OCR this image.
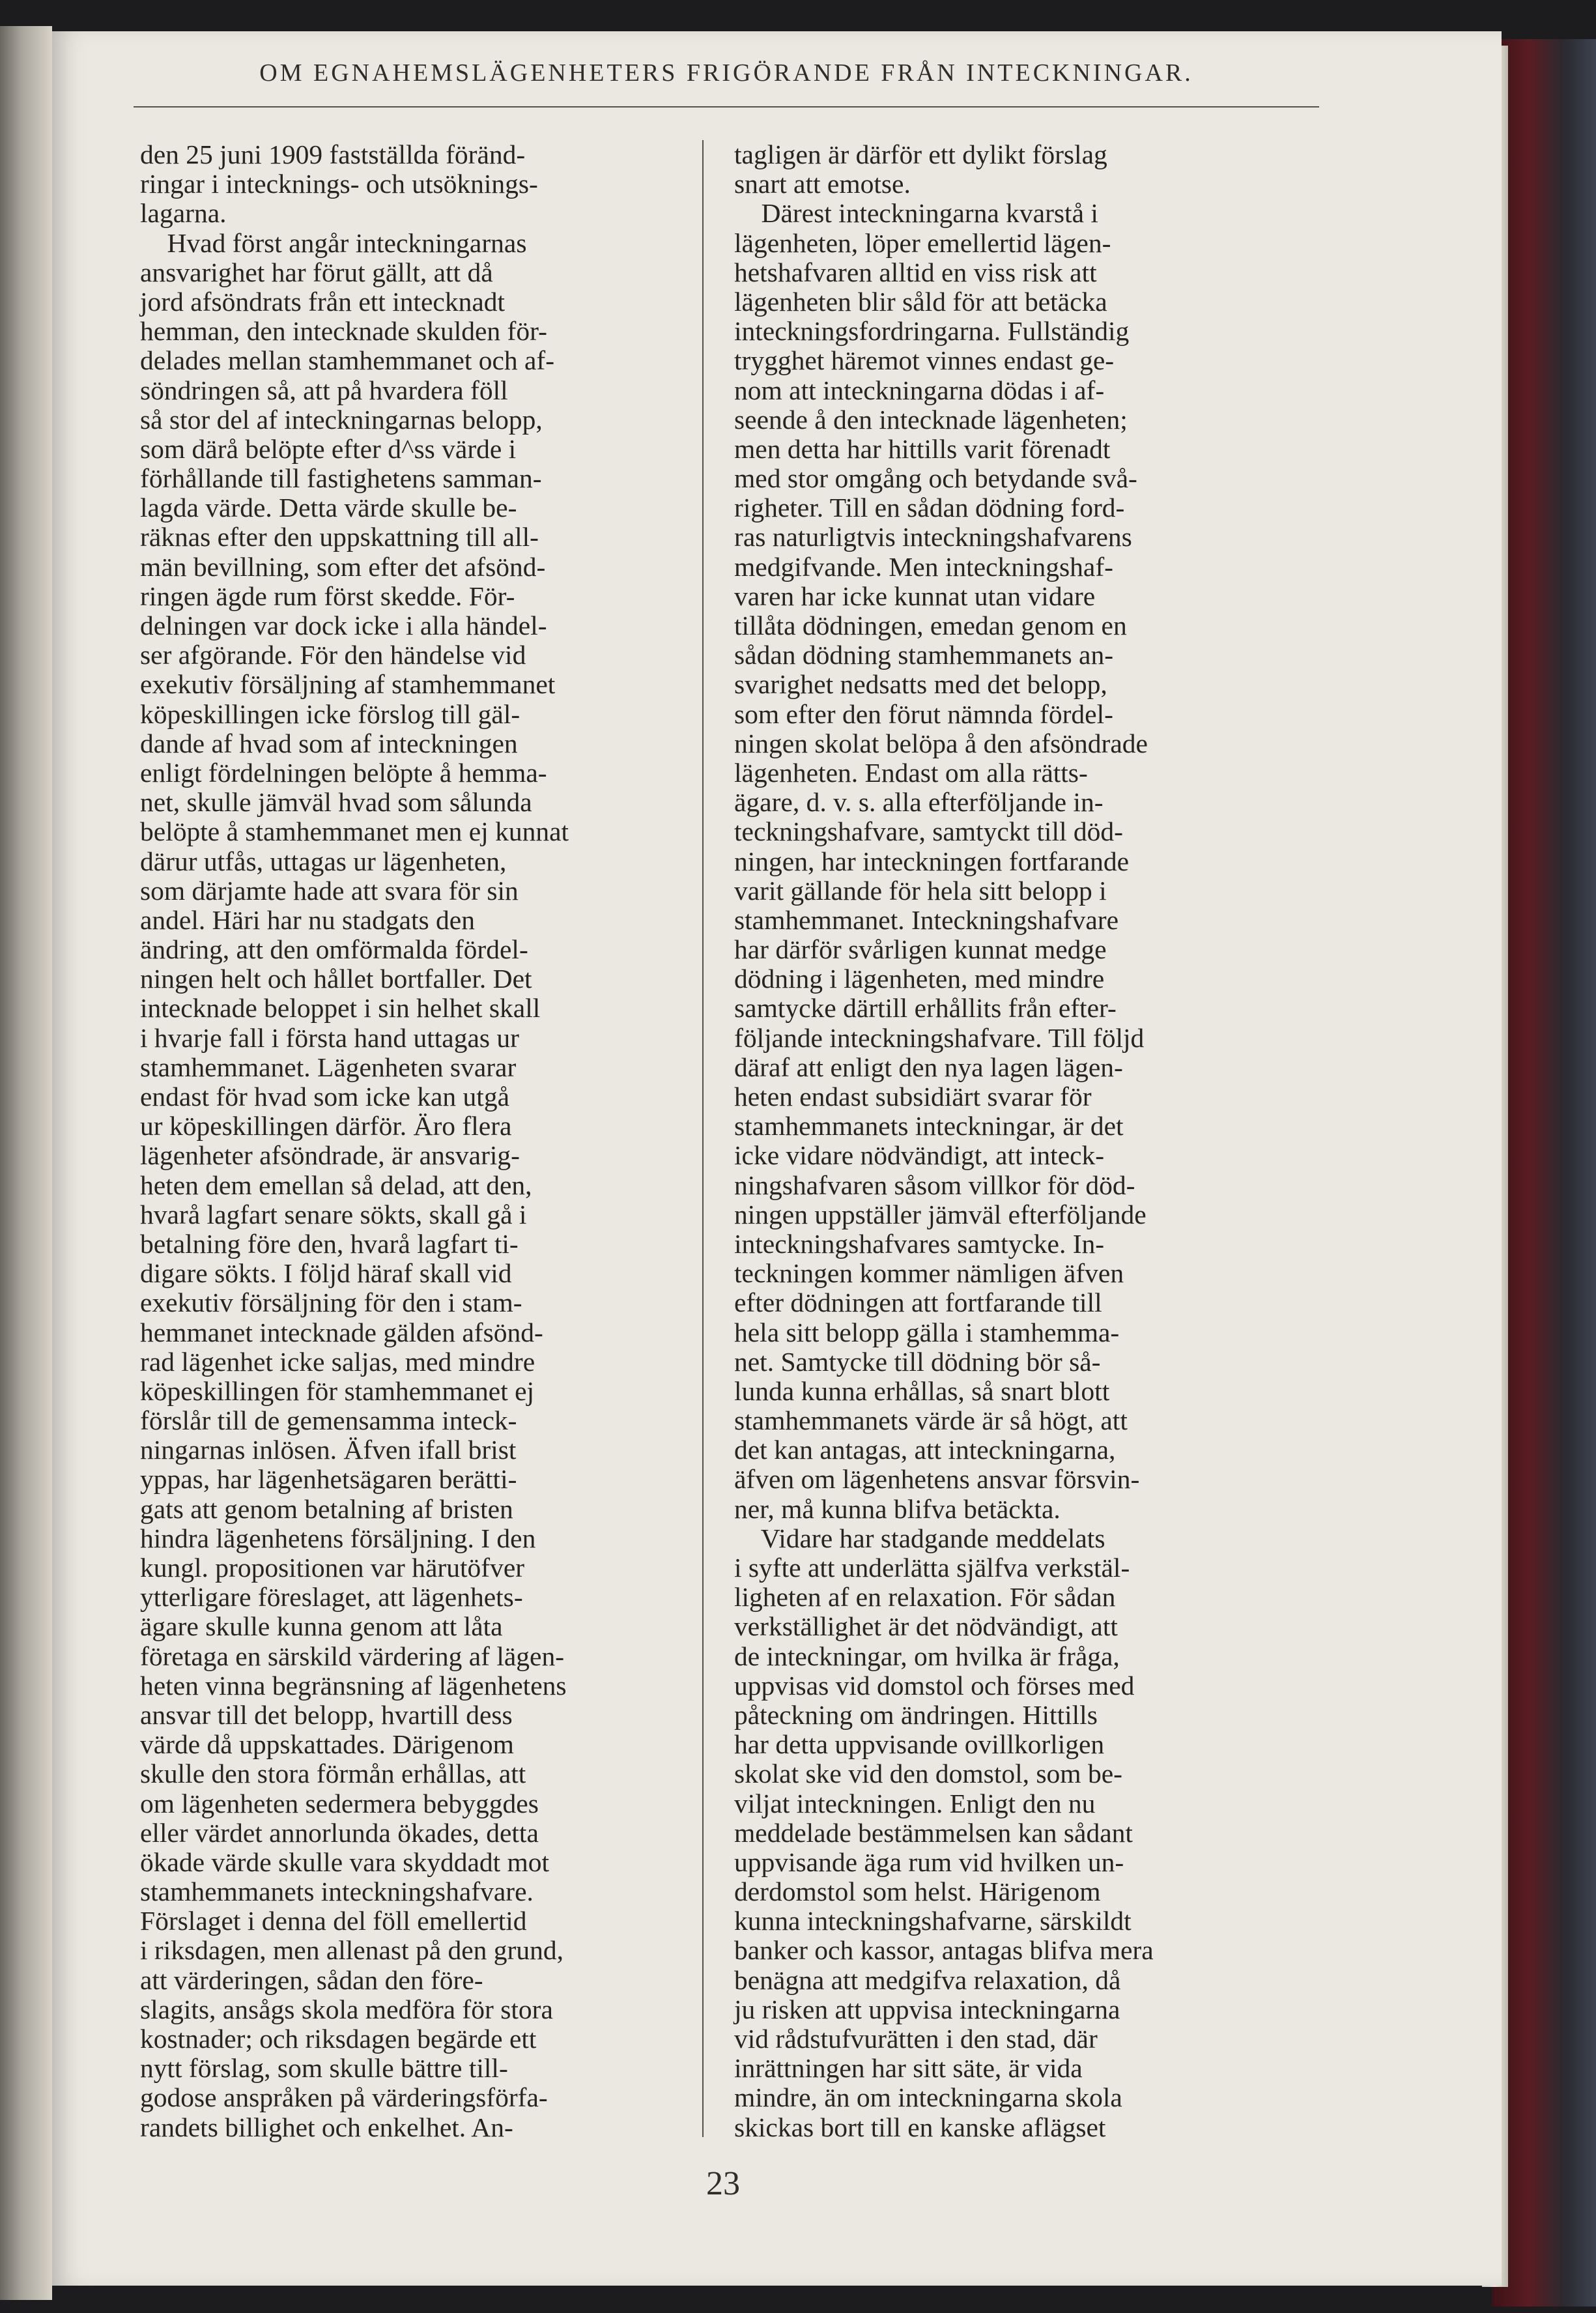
OM EGNAHEMSLÄGENHETERS FRIGÖRANDE FRÅN INTECKNINGAR.
den 25 juni 1909 fastställda föränd-
ringar i intecknings- och utsöknings-
lagarna.
Hvad först angår inteckningarnas
ansvarighet har förut gällt, att då
jord afsöndrats från ett intecknadt
hemman, den intecknade skulden för-
delades mellan stamhemmanet och af-
söndringen så, att på hvardera föll
så stor del af inteckningarnas belopp,
som därå belöpte efter d^ss värde i
förhållande till fastighetens samman-
lagda värde. Detta värde skulle be-
räknas efter den uppskattning till all-
män bevillning, som efter det afsönd-
ringen ägde rum först skedde. För-
delningen var dock icke i alla händel-
ser afgörande. För den händelse vid
exekutiv försäljning af stamhemmanet
köpeskillingen icke förslog till gäl-
dande af hvad som af inteckningen
enligt fördelningen belöpte å hemma-
net, skulle jämväl hvad som sålunda
belöpte å stamhemmanet men ej kunnat
därur utfås, uttagas ur lägenheten,
som därjamte hade att svara för sin
andel. Häri har nu stadgats den
ändring, att den omförmalda fördel-
ningen helt och hållet bortfaller. Det
intecknade beloppet i sin helhet skall
i hvarje fall i första hand uttagas ur
stamhemmanet. Lägenheten svarar
endast för hvad som icke kan utgå
ur köpeskillingen därför. Äro flera
lägenheter afsöndrade, är ansvarig-
heten dem emellan så delad, att den,
hvarå lagfart senare sökts, skall gå i
betalning före den, hvarå lagfart ti-
digare sökts. I följd häraf skall vid
exekutiv försäljning för den i stam-
hemmanet intecknade gälden afsönd-
rad lägenhet icke saljas, med mindre
köpeskillingen för stamhemmanet ej
förslår till de gemensamma inteck-
ningarnas inlösen. Äfven ifall brist
yppas, har lägenhetsägaren berätti-
gats att genom betalning af bristen
hindra lägenhetens försäljning. I den
kungl. propositionen var härutöfver
ytterligare föreslaget, att lägenhets-
ägare skulle kunna genom att låta
företaga en särskild värdering af lägen-
heten vinna begränsning af lägenhetens
ansvar till det belopp, hvartill dess
värde då uppskattades. Därigenom
skulle den stora förmån erhållas, att
om lägenheten sedermera bebyggdes
eller värdet annorlunda ökades, detta
ökade värde skulle vara skyddadt mot
stamhemmanets inteckningshafvare.
Förslaget i denna del föll emellertid
i riksdagen, men allenast på den grund,
att värderingen, sådan den före-
slagits, ansågs skola medföra för stora
kostnader; och riksdagen begärde ett
nytt förslag, som skulle bättre till-
godose anspråken på värderingsförfa-
randets billighet och enkelhet. An-
tagligen är därför ett dylikt förslag
snart att emotse.
Därest inteckningarna kvarstå i
lägenheten, löper emellertid lägen-
hetshafvaren alltid en viss risk att
lägenheten blir såld för att betäcka
inteckningsfordringarna. Fullständig
trygghet häremot vinnes endast ge-
nom att inteckningarna dödas i af-
seende å den intecknade lägenheten;
men detta har hittills varit förenadt
med stor omgång och betydande svå-
righeter. Till en sådan dödning ford-
ras naturligtvis inteckningshafvarens
medgifvande. Men inteckningshaf-
varen har icke kunnat utan vidare
tillåta dödningen, emedan genom en
sådan dödning stamhemmanets an-
svarighet nedsatts med det belopp,
som efter den förut nämnda fördel-
ningen skolat belöpa å den afsöndrade
lägenheten. Endast om alla rätts-
ägare, d. v. s. alla efterföljande in-
teckningshafvare, samtyckt till död-
ningen, har inteckningen fortfarande
varit gällande för hela sitt belopp i
stamhemmanet. Inteckningshafvare
har därför svårligen kunnat medge
dödning i lägenheten, med mindre
samtycke därtill erhållits från efter-
följande inteckningshafvare. Till följd
däraf att enligt den nya lagen lägen-
heten endast subsidiärt svarar för
stamhemmanets inteckningar, är det
icke vidare nödvändigt, att inteck-
ningshafvaren såsom villkor för död-
ningen uppställer jämväl efterföljande
inteckningshafvares samtycke. In-
teckningen kommer nämligen äfven
efter dödningen att fortfarande till
hela sitt belopp gälla i stamhemma-
net. Samtycke till dödning bör så-
lunda kunna erhållas, så snart blott
stamhemmanets värde är så högt, att
det kan antagas, att inteckningarna,
äfven om lägenhetens ansvar försvin-
ner, må kunna blifva betäckta.
Vidare har stadgande meddelats
i syfte att underlätta själfva verkstäl-
ligheten af en relaxation. För sådan
verkställighet är det nödvändigt, att
de inteckningar, om hvilka är fråga,
uppvisas vid domstol och förses med
påteckning om ändringen. Hittills
har detta uppvisande ovillkorligen
skolat ske vid den domstol, som be-
viljat inteckningen. Enligt den nu
meddelade bestämmelsen kan sådant
uppvisande äga rum vid hvilken un-
derdomstol som helst. Härigenom
kunna inteckningshafvarne, särskildt
banker och kassor, antagas blifva mera
benägna att medgifva relaxation, då
ju risken att uppvisa inteckningarna
vid rådstufvurätten i den stad, där
inrättningen har sitt säte, är vida
mindre, än om inteckningarna skola
skickas bort till en kanske aflägset
23
